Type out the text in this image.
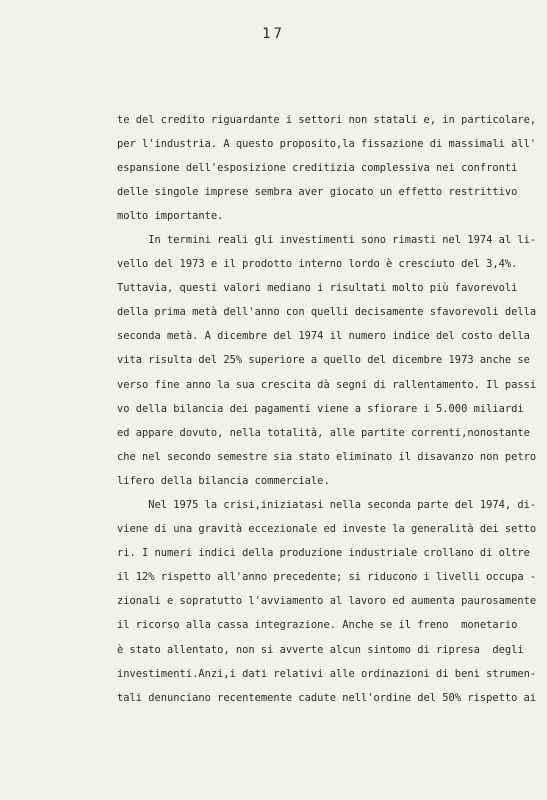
17
te del credito riguardante i settori non statali e, in particolare,
per l'industria. A questo proposito,la fissazione di massimali all'
espansione dell'esposizione creditizia complessiva nei confronti
delle singole imprese sembra aver giocato un effetto restrittivo
molto importante.
In termini reali gli investimenti sono rimasti nel 1974 al li-
vello del 1973 e il prodotto interno lordo è cresciuto del 3,4%.
Tuttavia, questi valori mediano i risultati molto più favorevoli
della prima metà dell'anno con quelli decisamente sfavorevoli della
seconda metà. A dicembre del 1974 il numero indice del costo della
vita risulta del 25% superiore a quello del dicembre 1973 anche se
verso fine anno la sua crescita dà segni di rallentamento. Il passi
vo della bilancia dei pagamenti viene a sfiorare i 5.000 miliardi
ed appare dovuto, nella totalità, alle partite correnti,nonostante
che nel secondo semestre sia stato eliminato il disavanzo non petro
lifero della bilancia commerciale.
Nel 1975 la crisi,iniziatasi nella seconda parte del 1974, di-
viene di una gravità eccezionale ed investe la generalità dei setto
ri. I numeri indici della produzione industriale crollano di oltre
il 12% rispetto all'anno precedente; si riducono i livelli occupa -
zionali e sopratutto l'avviamento al lavoro ed aumenta paurosamente
il ricorso alla cassa integrazione. Anche se il freno  monetario
è stato allentato, non si avverte alcun sintomo di ripresa  degli
investimenti.Anzi,i dati relativi alle ordinazioni di beni strumen-
tali denunciano recentemente cadute nell'ordine del 50% rispetto ai
